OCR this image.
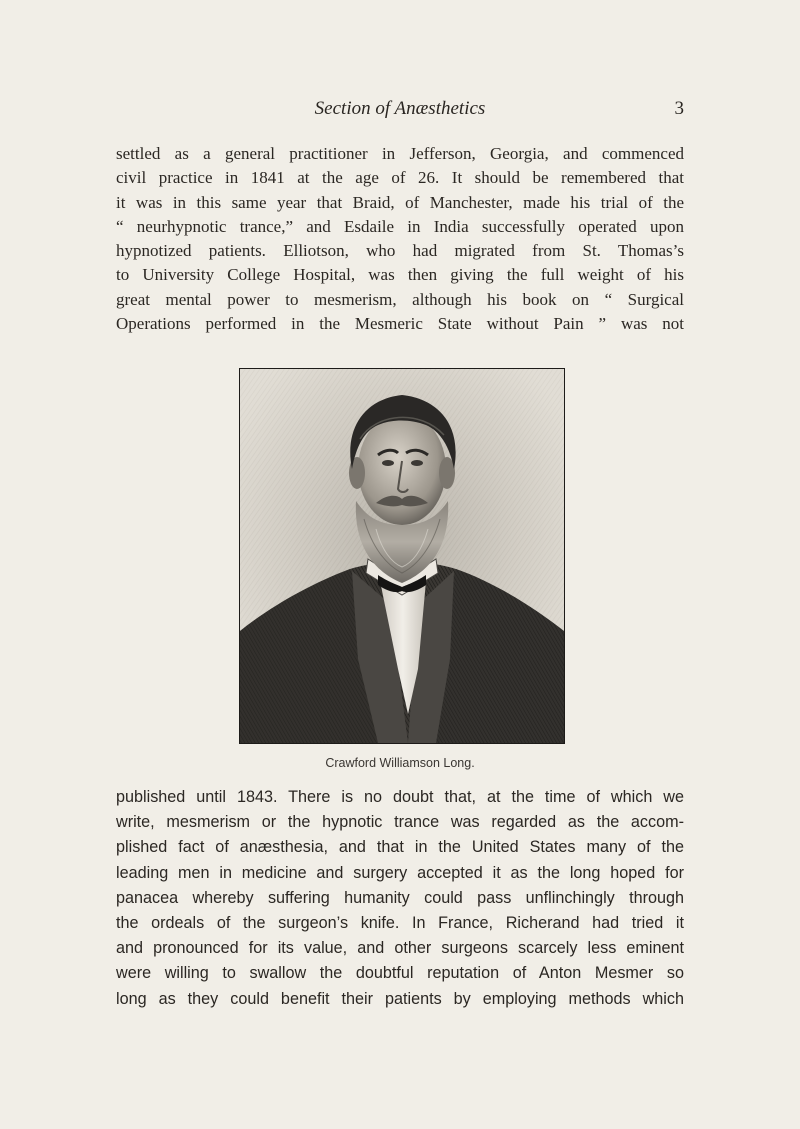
Section of Anæsthetics	3
settled as a general practitioner in Jefferson, Georgia, and commenced
civil practice in 1841 at the age of 26. It should be remembered that
it was in this same year that Braid, of Manchester, made his trial of the
“ neurhypnotic trance,” and Esdaile in India successfully operated upon
hypnotized patients. Elliotson, who had migrated from St. Thomas’s
to University College Hospital, was then giving the full weight of his
great mental power to mesmerism, although his book on “ Surgical
Operations performed in the Mesmeric State without Pain ” was not
Crawford Williamson Long.
published until 1843. There is no doubt that, at the time of which we
write, mesmerism or the hypnotic trance was regarded as the accom-
plished fact of anæsthesia, and that in the United States many of the
leading men in medicine and surgery accepted it as the long hoped for
panacea whereby suffering humanity could pass unflinchingly through
the ordeals of the surgeon’s knife. In France, Richerand had tried it
and pronounced for its value, and other surgeons scarcely less eminent
were willing to swallow the doubtful reputation of Anton Mesmer so
long as they could benefit their patients by employing methods which
